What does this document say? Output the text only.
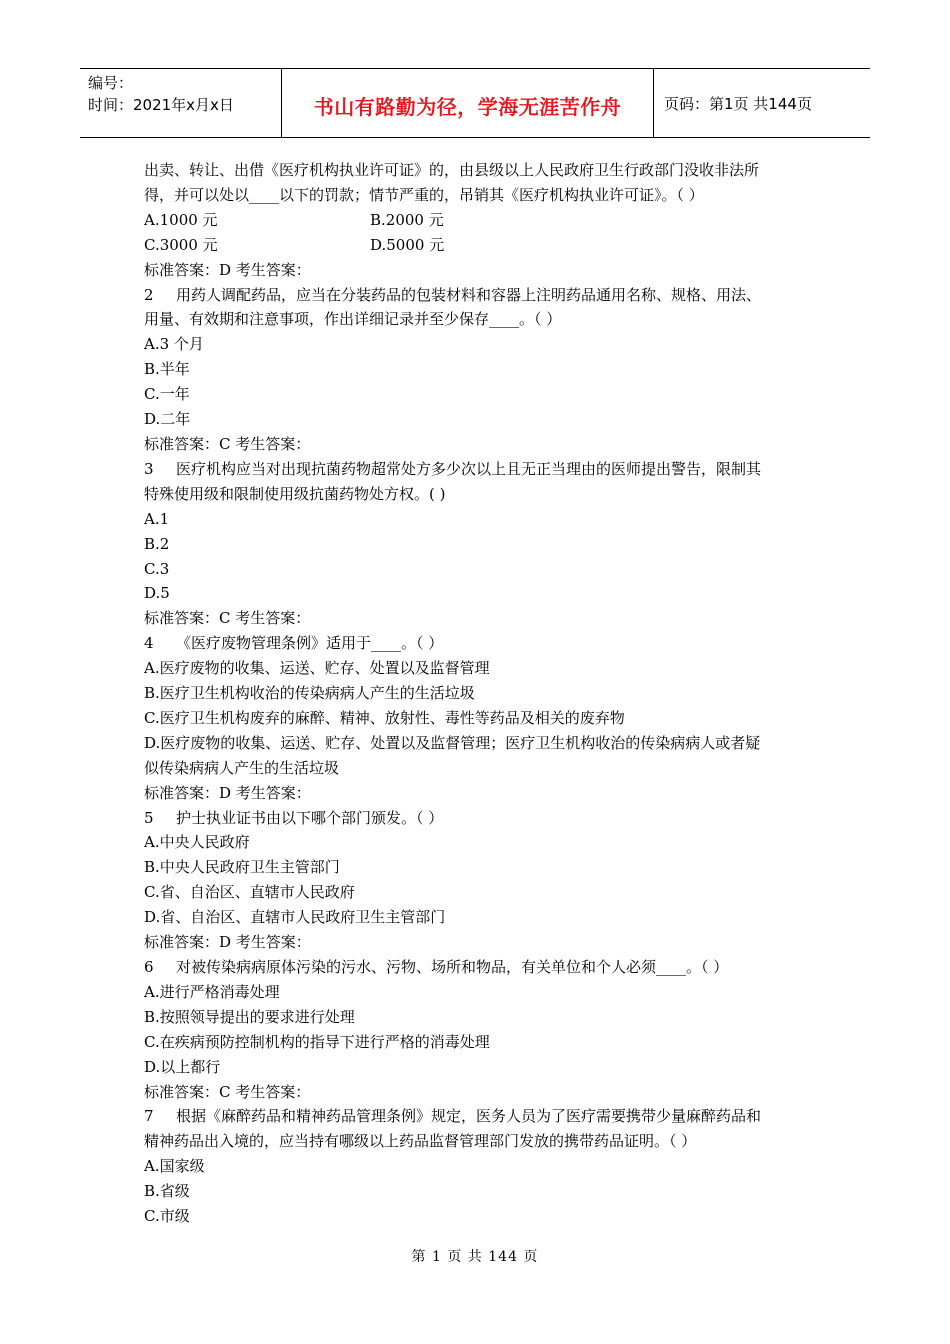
编号：
时间：2021年x月x日	书山有路勤为径，学海无涯苦作舟	页码：第1页 共144页
出卖、转让、出借《医疗机构执业许可证》的，由县级以上人民政府卫生行政部门没收非法所
得，并可以处以____以下的罚款；情节严重的，吊销其《医疗机构执业许可证》。（ ）
A.1000 元	B.2000 元
C.3000 元	D.5000 元
标准答案：D 考生答案：
2 用药人调配药品，应当在分装药品的包装材料和容器上注明药品通用名称、规格、用法、
用量、有效期和注意事项，作出详细记录并至少保存____。（ ）
A.3 个月
B.半年
C.一年
D.二年
标准答案：C 考生答案：
3 医疗机构应当对出现抗菌药物超常处方多少次以上且无正当理由的医师提出警告，限制其
特殊使用级和限制使用级抗菌药物处方权。( )
A.1
B.2
C.3
D.5
标准答案：C 考生答案：
4 《医疗废物管理条例》适用于____。（ ）
A.医疗废物的收集、运送、贮存、处置以及监督管理
B.医疗卫生机构收治的传染病病人产生的生活垃圾
C.医疗卫生机构废弃的麻醉、精神、放射性、毒性等药品及相关的废弃物
D.医疗废物的收集、运送、贮存、处置以及监督管理；医疗卫生机构收治的传染病病人或者疑
似传染病病人产生的生活垃圾
标准答案：D 考生答案：
5 护士执业证书由以下哪个部门颁发。（ ）
A.中央人民政府
B.中央人民政府卫生主管部门
C.省、自治区、直辖市人民政府
D.省、自治区、直辖市人民政府卫生主管部门
标准答案：D 考生答案：
6 对被传染病病原体污染的污水、污物、场所和物品，有关单位和个人必须____。（ ）
A.进行严格消毒处理
B.按照领导提出的要求进行处理
C.在疾病预防控制机构的指导下进行严格的消毒处理
D.以上都行
标准答案：C 考生答案：
7 根据《麻醉药品和精神药品管理条例》规定，医务人员为了医疗需要携带少量麻醉药品和
精神药品出入境的，应当持有哪级以上药品监督管理部门发放的携带药品证明。（ ）
A.国家级
B.省级
C.市级
第 1 页 共 144 页
